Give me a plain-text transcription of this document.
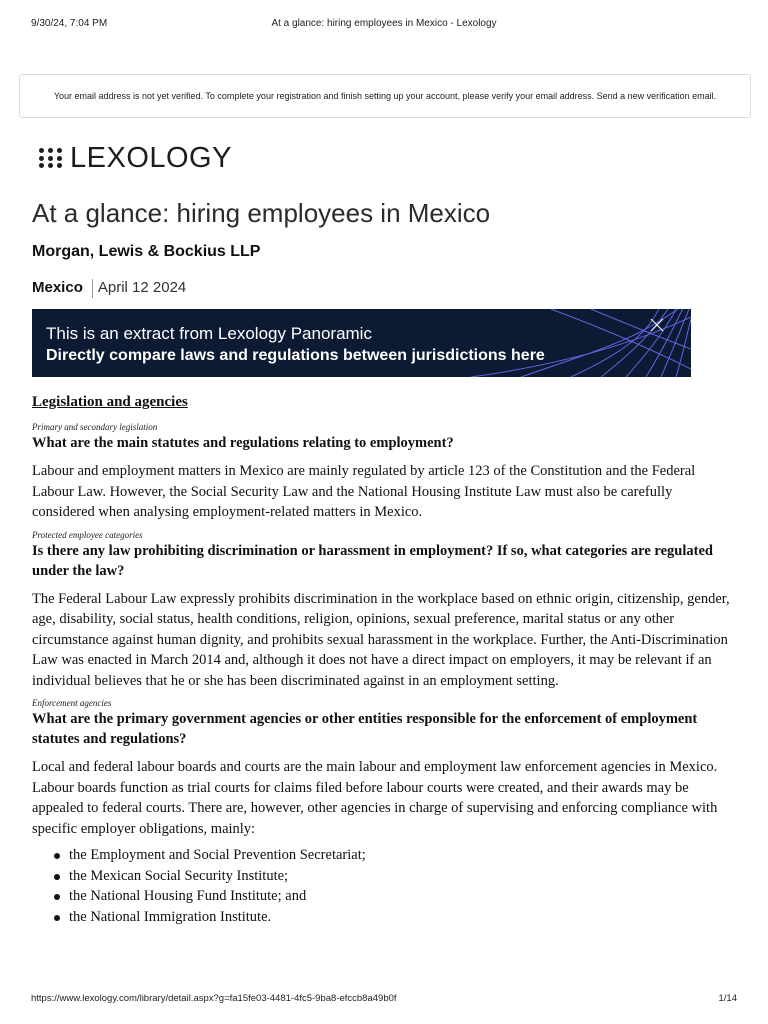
9/30/24, 7:04 PM	At a glance: hiring employees in Mexico - Lexology
Your email address is not yet verified. To complete your registration and finish setting up your account, please verify your email address. Send a new verification email.
LEXOLOGY
At a glance: hiring employees in Mexico
Morgan, Lewis & Bockius LLP
Mexico April 12 2024
This is an extract from Lexology Panoramic
Directly compare laws and regulations between jurisdictions here
Legislation and agencies
Primary and secondary legislation
What are the main statutes and regulations relating to employment?

Labour and employment matters in Mexico are mainly regulated by article 123 of the Constitution and the Federal Labour Law. However, the Social Security Law and the National Housing Institute Law must also be carefully considered when analysing employment-related matters in Mexico.

Protected employee categories
Is there any law prohibiting discrimination or harassment in employment? If so, what categories are regulated under the law?

The Federal Labour Law expressly prohibits discrimination in the workplace based on ethnic origin, citizenship, gender, age, disability, social status, health conditions, religion, opinions, sexual preference, marital status or any other circumstance against human dignity, and prohibits sexual harassment in the workplace. Further, the Anti-Discrimination Law was enacted in March 2014 and, although it does not have a direct impact on employers, it may be relevant if an individual believes that he or she has been discriminated against in an employment setting.

Enforcement agencies
What are the primary government agencies or other entities responsible for the enforcement of employment statutes and regulations?

Local and federal labour boards and courts are the main labour and employment law enforcement agencies in Mexico. Labour boards function as trial courts for claims filed before labour courts were created, and their awards may be appealed to federal courts. There are, however, other agencies in charge of supervising and enforcing compliance with specific employer obligations, mainly:

the Employment and Social Prevention Secretariat;
the Mexican Social Security Institute;
the National Housing Fund Institute; and
the National Immigration Institute.
https://www.lexology.com/library/detail.aspx?g=fa15fe03-4481-4fc5-9ba8-efccb8a49b0f	1/14
